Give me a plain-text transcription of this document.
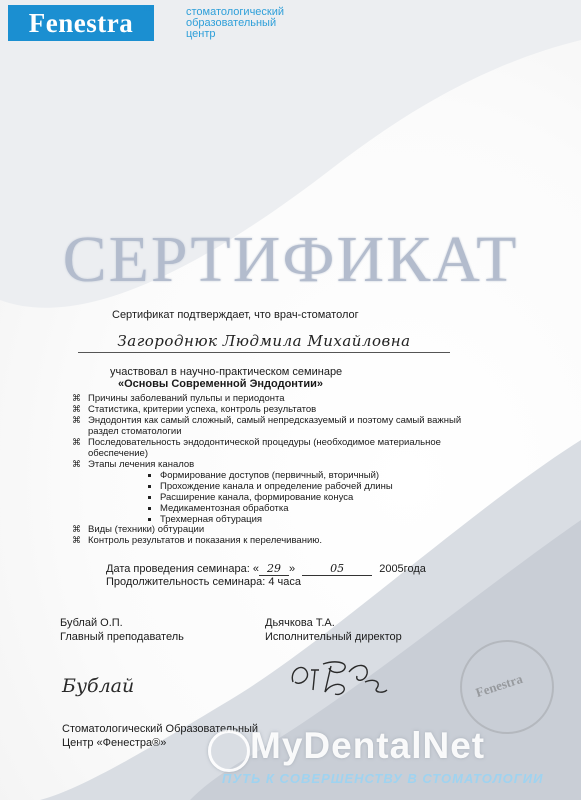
Fenestra	TM	стоматологический
образовательный
центр
СЕРТИФИКАТ
Сертификат подтверждает, что врач-стоматолог
Загороднюк Людмила Михайловна
участвовал в научно-практическом семинаре
«Основы Современной Эндодонтии»
⌘ Причины заболеваний пульпы и периодонта
⌘ Статистика, критерии успеха, контроль результатов
⌘ Эндодонтия как самый сложный, самый непредсказуемый и поэтому самый важный раздел стоматологии
⌘ Последовательность эндодонтической процедуры (необходимое материальное обеспечение)
⌘ Этапы лечения каналов
Формирование доступов (первичный, вторичный)
Прохождение канала и определение рабочей длины
Расширение канала, формирование конуса
Медикаментозная обработка
Трехмерная обтурация
⌘ Виды (техники) обтурации
⌘ Контроль результатов и показания к перелечиванию.
Дата проведения семинара: « 29 »	05	2005года
Продолжительность семинара: 4 часа
Бублай О.П.
Главный преподаватель
Дьячкова Т.А.
Исполнительный директор
Бублай	Fenestra
Стоматологический Образовательный
Центр «Фенестра®» MyDentalNet
ПУТЬ К СОВЕРШЕНСТВУ В СТОМАТОЛОГИИ
